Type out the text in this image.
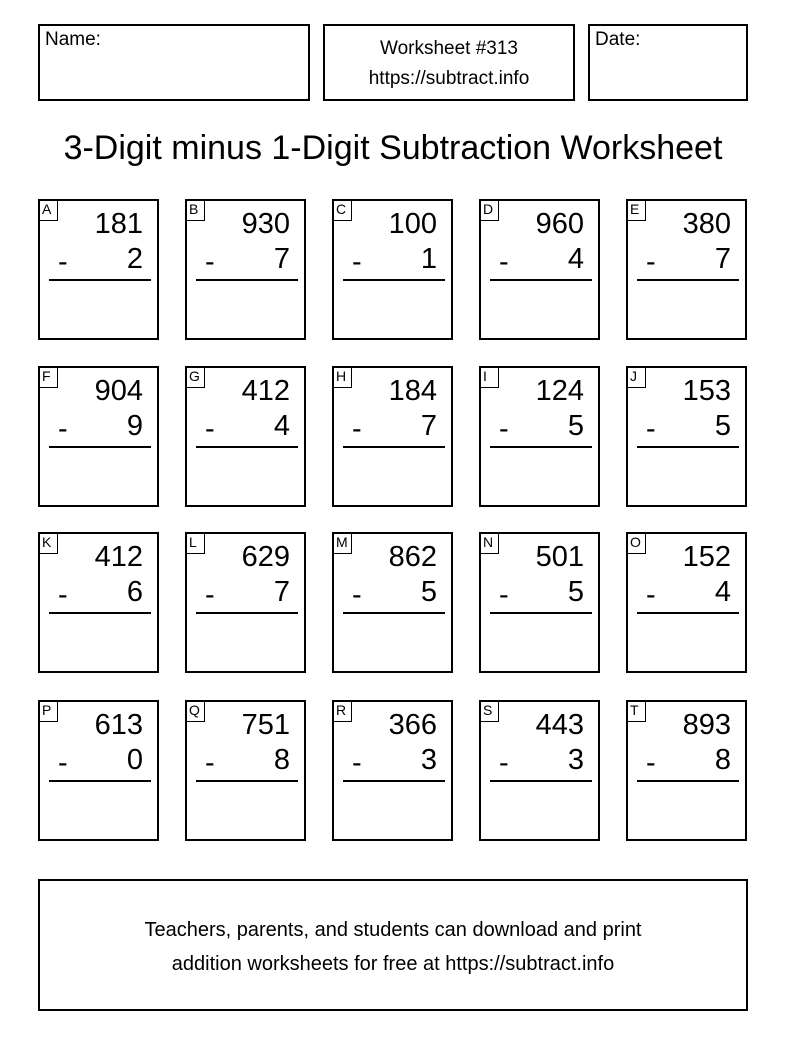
Name:	Worksheet #313
https://subtract.info
Date:
3-Digit minus 1-Digit Subtraction Worksheet
A 181
- 2
B 930
- 7
C 100
- 1
D 960
- 4
E 380
- 7
F 904
- 9
G 412
- 4
H 184
- 7
I	124
- 5
J	153
- 5
K 412
- 6
L 629
- 7
M 862
- 5
N 501
- 5
O 152
- 4
P 613
- 0
Q 751
- 8
R 366
- 3
S 443
- 3
T 893
- 8
Teachers, parents, and students can download and print
addition worksheets for free at https://subtract.info
